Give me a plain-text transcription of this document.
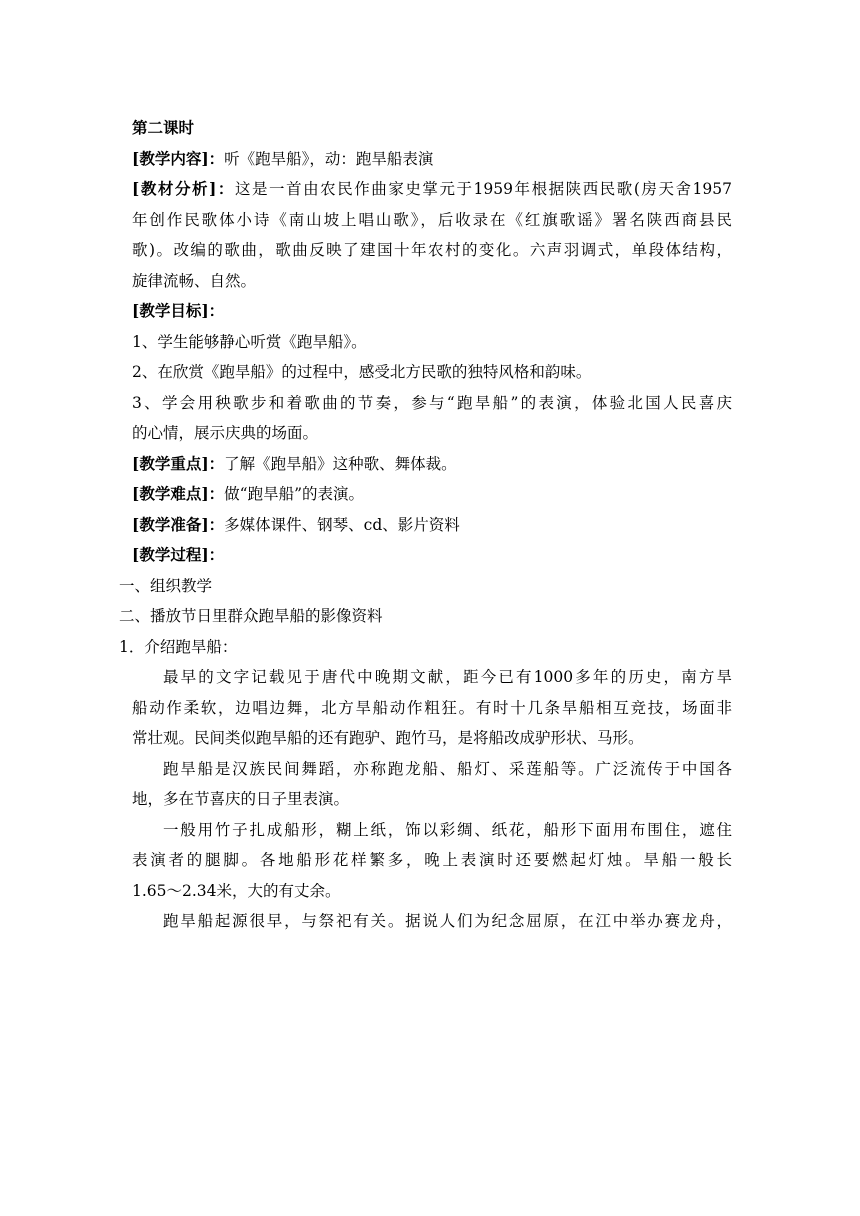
第二课时
[教学内容]：听《跑旱船》，动：跑旱船表演
[教材分析]：这是一首由农民作曲家史掌元于1959年根据陕西民歌(房天舍1957
年创作民歌体小诗《南山坡上唱山歌》，后收录在《红旗歌谣》署名陕西商县民
歌)。改编的歌曲，歌曲反映了建国十年农村的变化。六声羽调式，单段体结构，
旋律流畅、自然。
[教学目标]：
1、学生能够静心听赏《跑旱船》。
2、在欣赏《跑旱船》的过程中，感受北方民歌的独特风格和韵味。
3、学会用秧歌步和着歌曲的节奏，参与“跑旱船”的表演，体验北国人民喜庆
的心情，展示庆典的场面。
[教学重点]：了解《跑旱船》这种歌、舞体裁。
[教学难点]：做“跑旱船”的表演。
[教学准备]：多媒体课件、钢琴、cd、影片资料
[教学过程]：
一、组织教学
二、播放节日里群众跑旱船的影像资料
1．介绍跑旱船：
最早的文字记载见于唐代中晚期文献，距今已有1000多年的历史，南方旱
船动作柔软，边唱边舞，北方旱船动作粗狂。有时十几条旱船相互竞技，场面非
常壮观。民间类似跑旱船的还有跑驴、跑竹马，是将船改成驴形状、马形。
跑旱船是汉族民间舞蹈，亦称跑龙船、船灯、采莲船等。广泛流传于中国各
地，多在节喜庆的日子里表演。
一般用竹子扎成船形，糊上纸，饰以彩绸、纸花，船形下面用布围住，遮住
表演者的腿脚。各地船形花样繁多，晚上表演时还要燃起灯烛。旱船一般长
1.65～2.34米，大的有丈余。
跑旱船起源很早，与祭祀有关。据说人们为纪念屈原，在江中举办赛龙舟，
